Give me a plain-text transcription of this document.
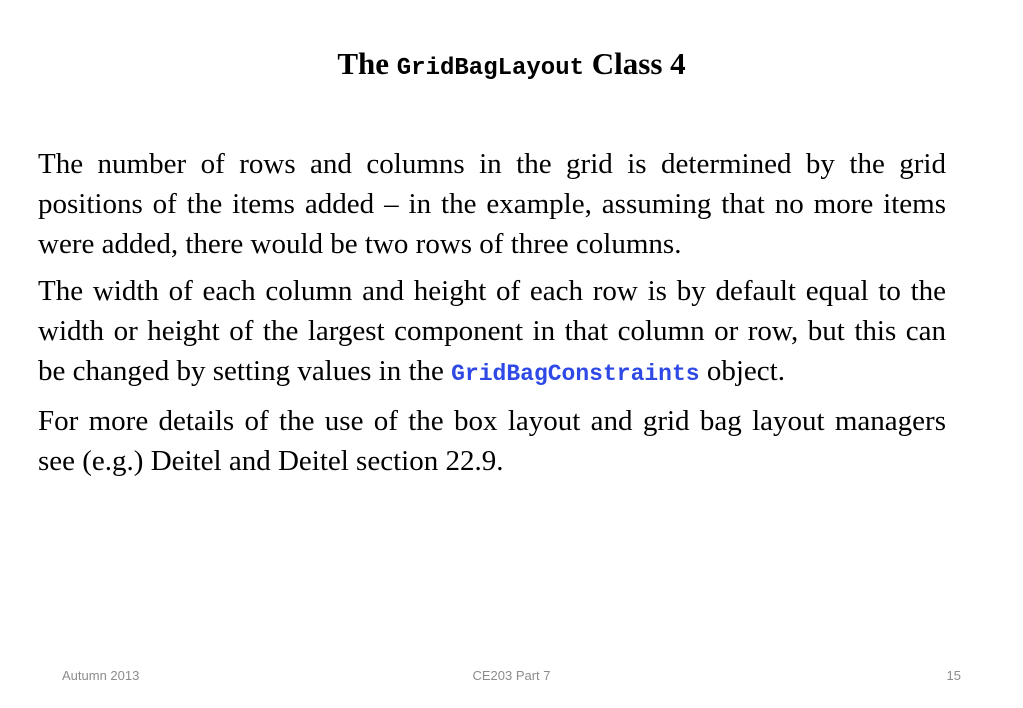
The GridBagLayout Class 4

The number of rows and columns in the grid is determined by the grid positions of the items added – in the example, assuming that no more items were added, there would be two rows of three columns.

The width of each column and height of each row is by default equal to the width or height of the largest component in that column or row, but this can be changed by setting values in the GridBagConstraints object.

For more details of the use of the box layout and grid bag layout managers see (e.g.) Deitel and Deitel section 22.9.

Autumn 2013	CE203 Part 7	15
